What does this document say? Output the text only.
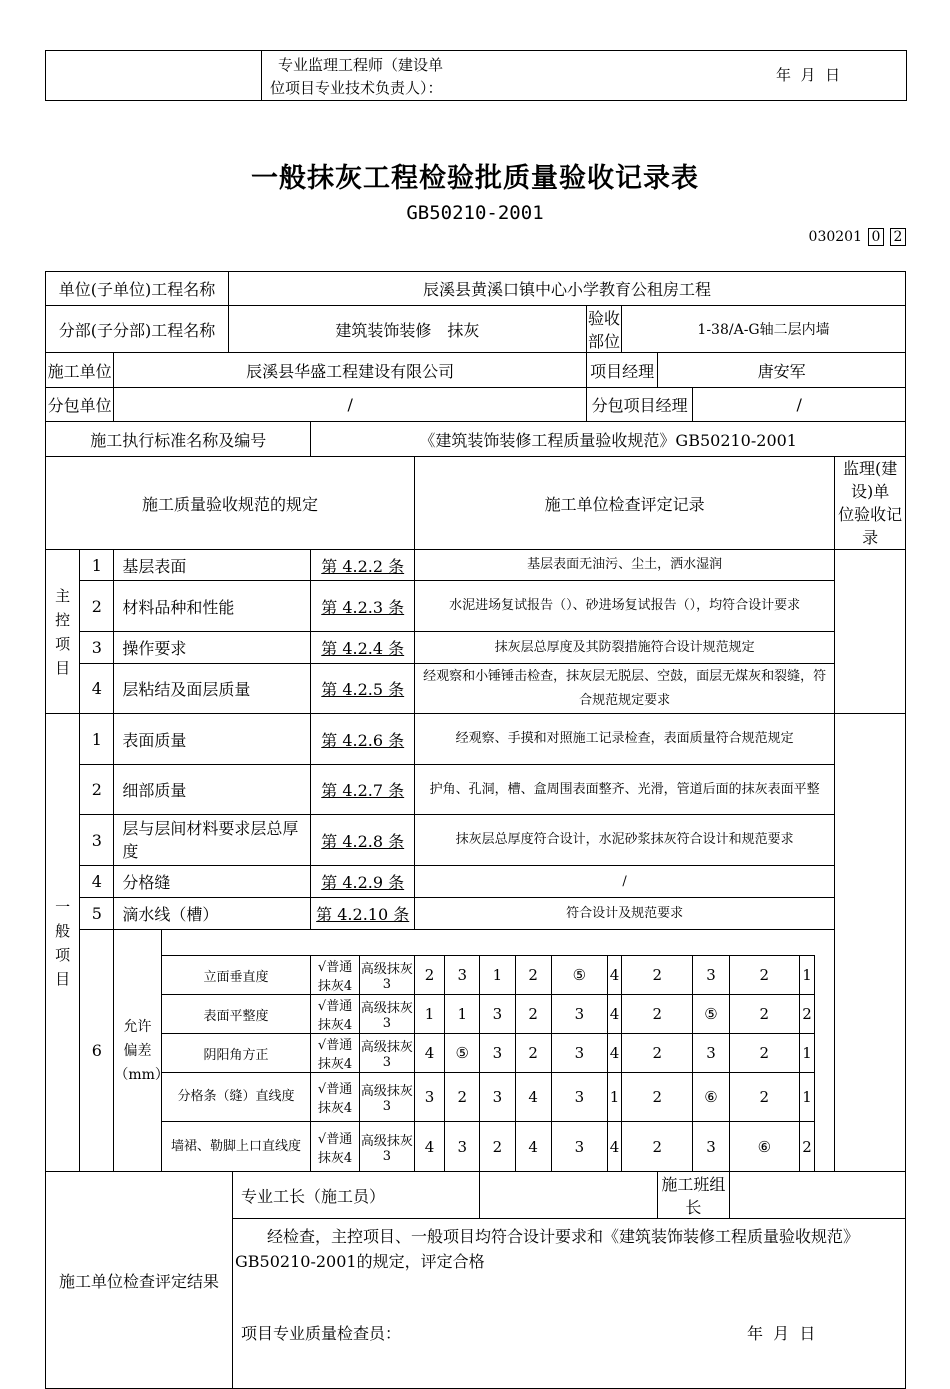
专业监理工程师（建设单
位项目专业技术负责人）：
年  月  日
一般抹灰工程检验批质量验收记录表
GB50210-2001
030201 0 2
单位(子单位)工程名称				辰溪县黄溪口镇中心小学教育公租房工程																
分部(子分部)工程名称				建筑装饰装修　抹灰									验收部位		1-38/A-G轴二层内墙					
施工单位		辰溪县华盛工程建设有限公司											项目经理			唐安军				
分包单位		/											分包项目经理				/			
施工执行标准名称及编号						《建筑装饰装修工程质量验收规范》GB50210-2001														
施工质量验收规范的规定								施工单位检查评定记录												监理(建设)单
位验收记录

主
控
项
目	1	基层表面				第 4.2.2 条		基层表面无油污、尘土，洒水湿润												
	2	材料品种和性能				第 4.2.3 条		水泥进场复试报告（）、砂进场复试报告（），均符合设计要求												
	3	操作要求				第 4.2.4 条		抹灰层总厚度及其防裂措施符合设计规范规定												
	4	层粘结及面层质量				第 4.2.5 条		经观察和小锤锤击检查，抹灰层无脱层、空鼓，面层无煤灰和裂缝，符合规范规定要求												

一
般
项
目	1	表面质量				第 4.2.6 条		经观察、手摸和对照施工记录检查，表面质量符合规范规定												
	2	细部质量				第 4.2.7 条		护角、孔洞，槽、盒周围表面整齐、光滑，管道后面的抹灰表面平整												
	3	层与层间材料要求层总厚度				第 4.2.8 条		抹灰层总厚度符合设计，水泥砂浆抹灰符合设计和规范要求												
	4	分格缝				第 4.2.9 条		/												
	5	滴水线（槽）				第 4.2.10 条		符合设计及规范要求												
	6	允许
偏差
（mm）																		

			立面垂直度			√普通抹灰4	高级抹灰3	2	3	1	2	⑤		4	2		3	2	1	
			表面平整度			√普通抹灰4	高级抹灰3	1	1	3	2	3		4	2		⑤	2	2	
			阴阳角方正			√普通抹灰4	高级抹灰3	4	⑤	3	2	3		4	2		3	2	1	
			分格条（缝）直线度			√普通抹灰4	高级抹灰3	3	2	3	4	3		1	2		⑥	2	1	
			墙裙、勒脚上口直线度			√普通抹灰4	高级抹灰3	4	3	2	4	3		4	2		3	⑥	2	
施工单位检查评定结果					专业工长（施工员）											施工班组长				

					经检查，主控项目、一般项目均符合设计要求和《建筑装饰装修工程质量验收规范》GB50210-2001的规定，评定合格
项目专业质量检查员： 年  月  日															
